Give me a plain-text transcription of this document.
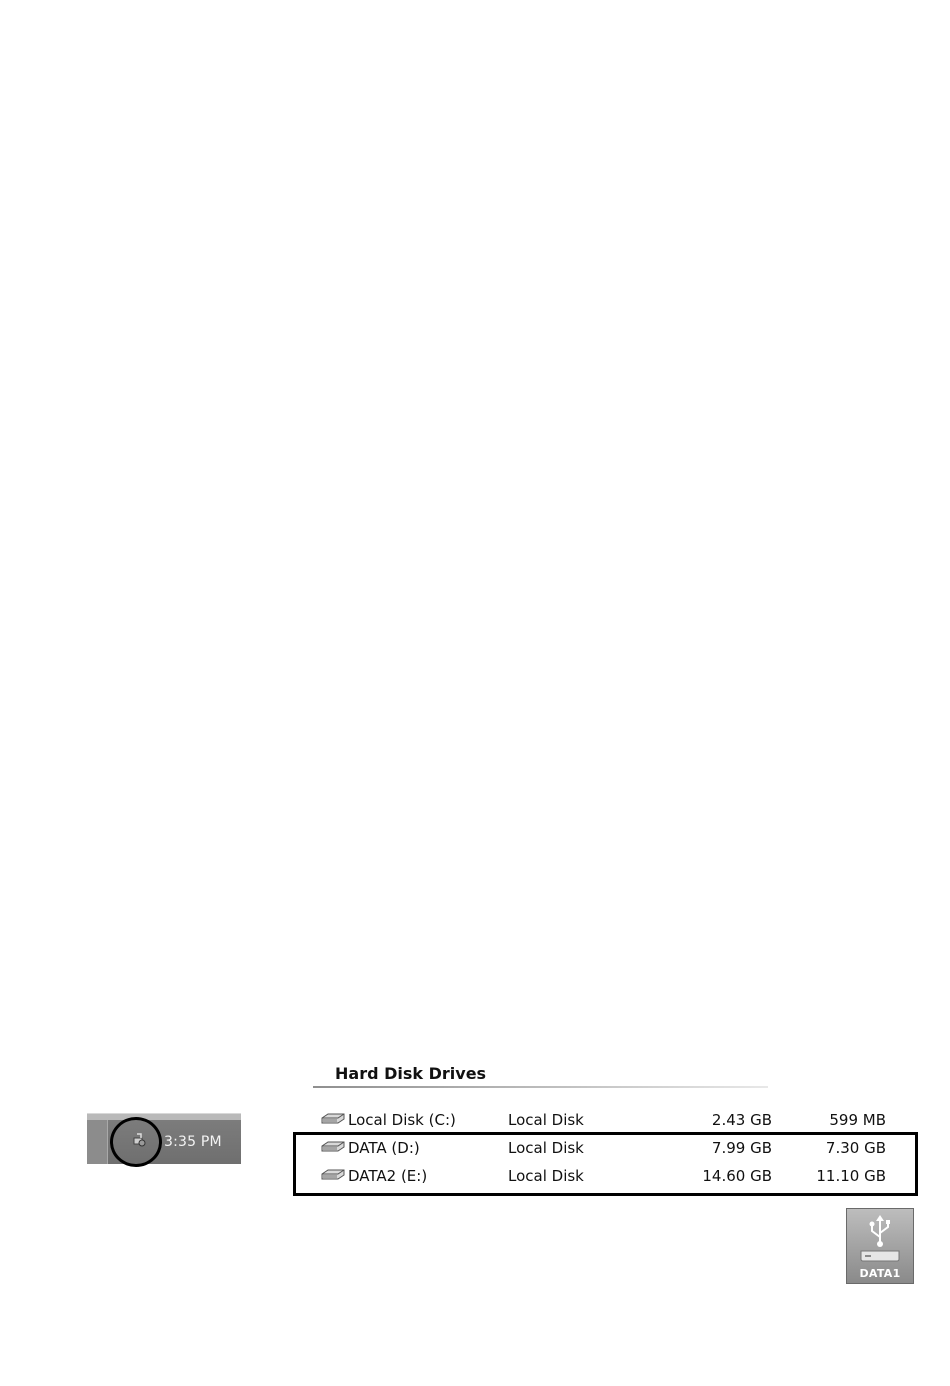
3:35 PM
Hard Disk Drives
Local Disk (C:)	Local Disk	2.43 GB	599 MB
DATA (D:)	Local Disk	7.99 GB	7.30 GB
DATA2 (E:)	Local Disk	14.60 GB	11.10 GB
DATA1
